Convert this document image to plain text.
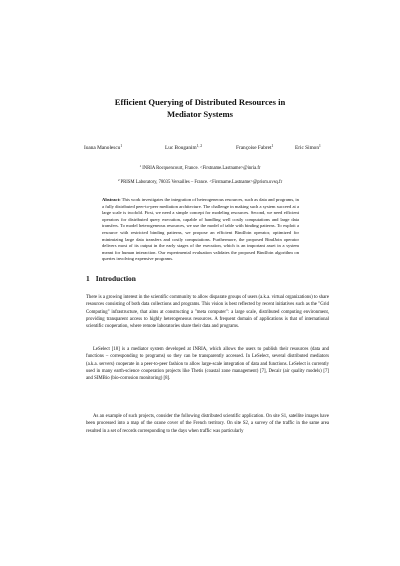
Efficient Querying of Distributed Resources in
Mediator Systems
Ioana Manolescu$^1$	Luc Bouganim$^{1, 2}$	Françoise Fabret$^1$	Eric Simon$^1$
$^1$INRIA Rocquencourt, France. <Firstname.Lastname>@inria.fr
$^2$PRISM Laboratory, 78035 Versailles – France. <Firstname.Lastname>@prism.uvsq.fr

Abstract: This work investigates the integration of heterogeneous resources, such as data and programs, in a fully distributed peer-to-peer mediation architecture. The challenge in making such a system succeed at a large scale is twofold. First, we need a simple concept for modeling resources. Second, we need efficient operators for distributed query execution, capable of handling well costly computations and large data transfers. To model heterogeneous resources, we use the model of table with binding patterns. To exploit a resource with restricted binding patterns, we propose an efficient BindJoin operator, optimized for minimizing large data transfers and costly computations. Furthermore, the proposed BindJoin operator delivers most of its output in the early stages of the execution, which is an important asset in a system meant for human interaction. Our experimental evaluation validates the proposed BindJoin algorithm on queries involving expensive programs.

1 Introduction

There is a growing interest in the scientific community to allow disparate groups of users (a.k.a. virtual organizations) to share resources consisting of both data collections and programs. This vision is best reflected by recent initiatives such as the "Grid Computing" infrastructure, that aims at constructing a "meta computer": a large scale, distributed computing environment, providing transparent access to highly heterogeneous resources. A frequent domain of applications is that of international scientific cooperation, where remote laboratories share their data and programs.

LeSelect [18] is a mediator system developed at INRIA, which allows the users to publish their resources (data and functions – corresponding to programs) so they can be transparently accessed. In LeSelect, several distributed mediators (a.k.a. servers) cooperate in a peer-to-peer fashion to allow large-scale integration of data and functions. LeSelect is currently used in many earth-science cooperation projects like Thetis (coastal zone management) [7], Decair (air quality models) [7] and SIMBio (bio-corrosion monitoring) [8].

As an example of such projects, consider the following distributed scientific application. On site S1, satellite images have been processed into a map of the ozone cover of the French territory. On site S2, a survey of the traffic in the same area resulted in a set of records corresponding to the days when traffic was particularly
